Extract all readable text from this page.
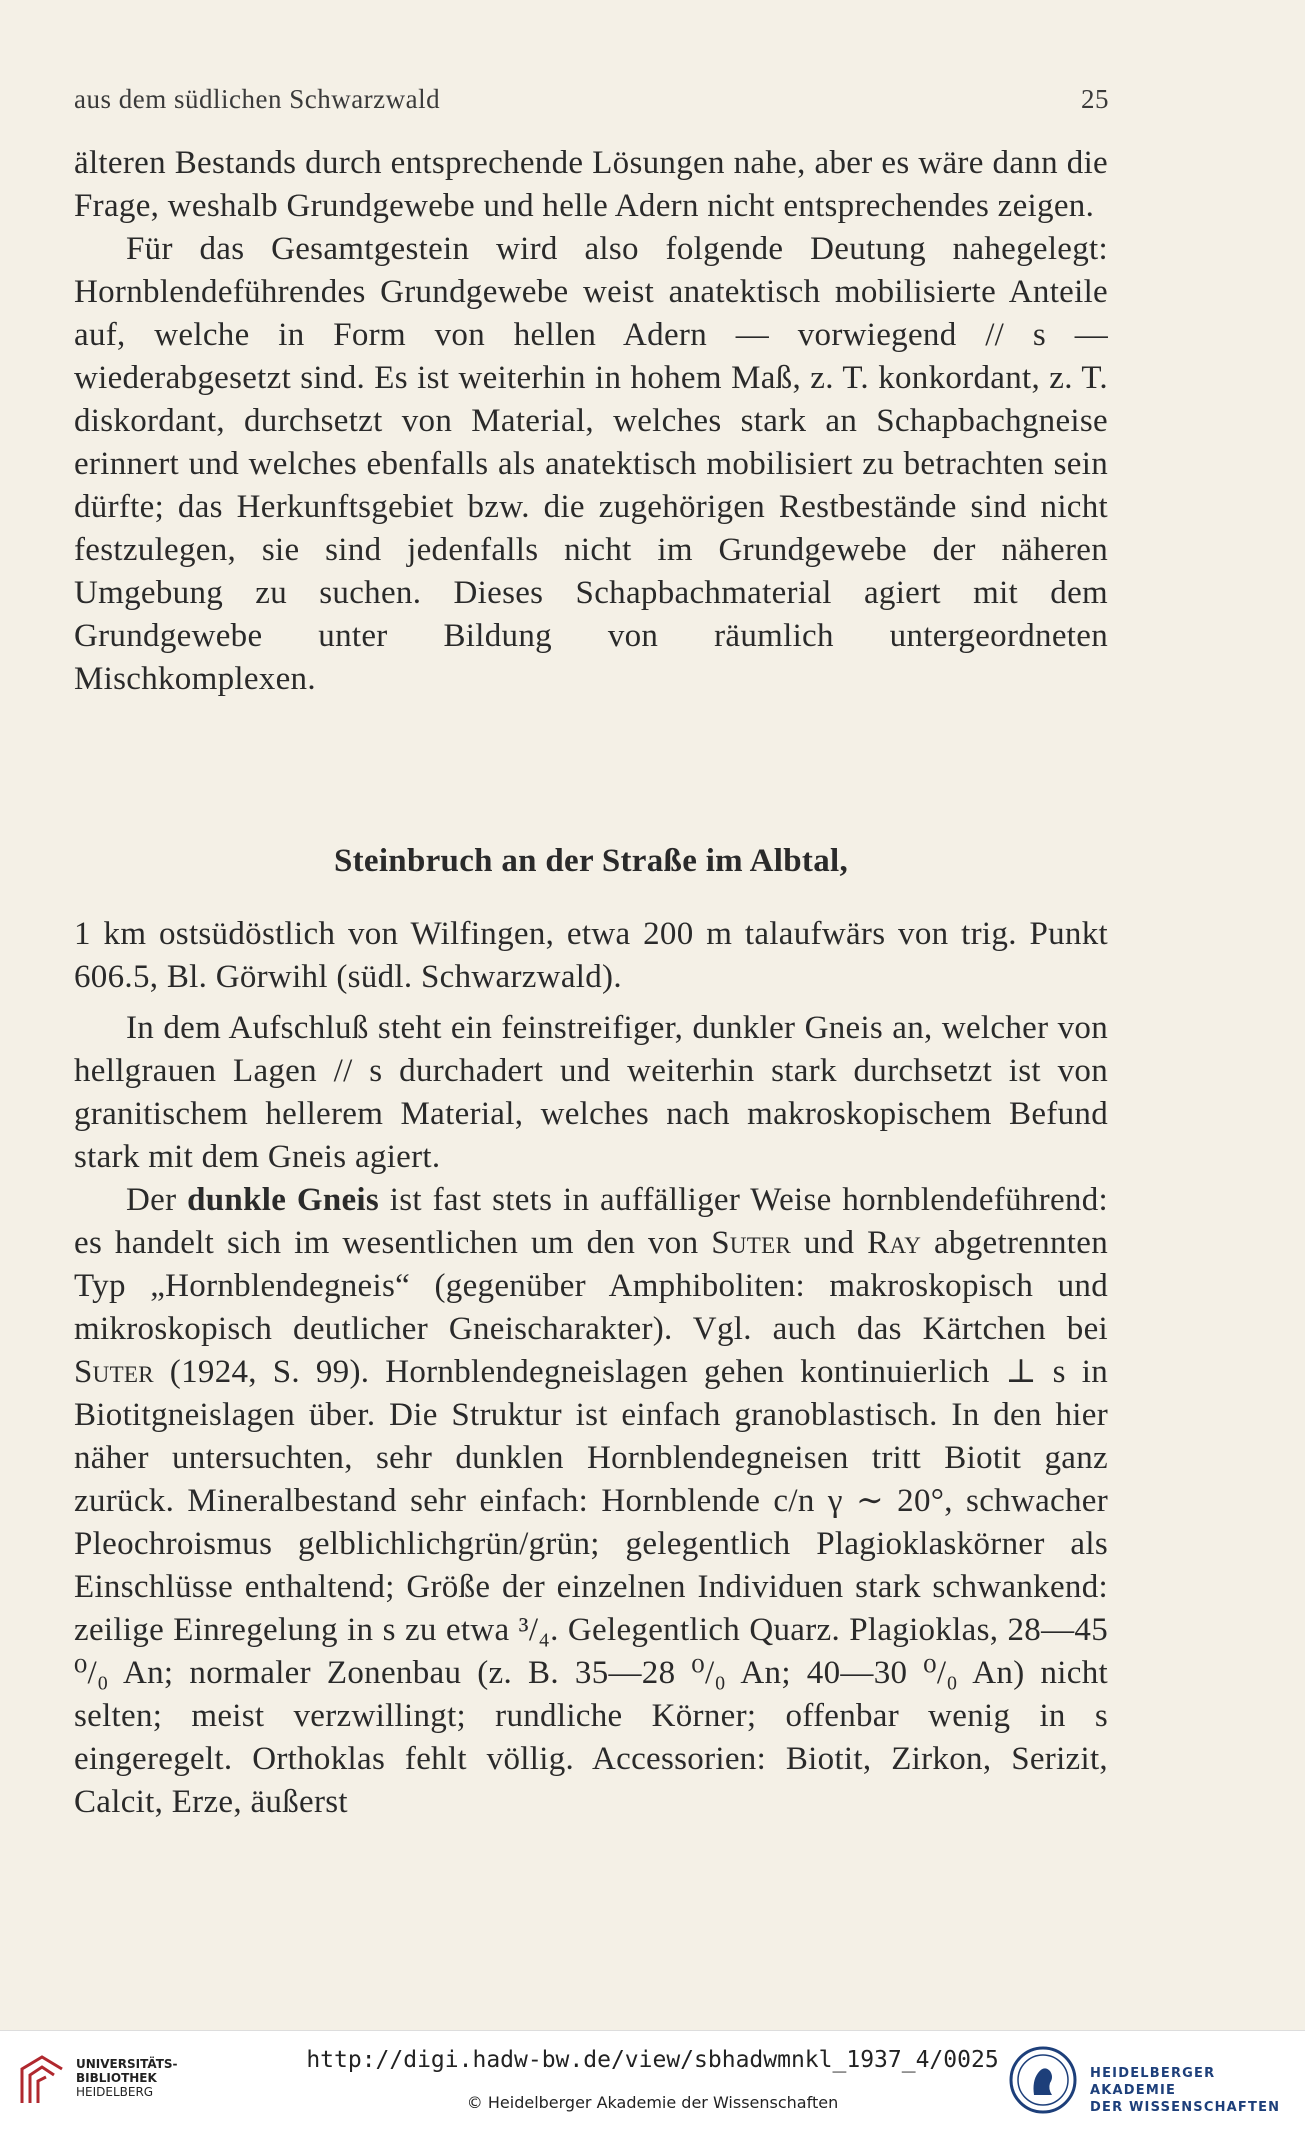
aus dem südlichen Schwarzwald	25

älteren Bestands durch entsprechende Lösungen nahe, aber es wäre dann die Frage, weshalb Grundgewebe und helle Adern nicht entsprechendes zeigen.

Für das Gesamtgestein wird also folgende Deutung nahegelegt: Hornblendeführendes Grundgewebe weist anatektisch mobilisierte Anteile auf, welche in Form von hellen Adern — vorwiegend // s — wiederabgesetzt sind. Es ist weiterhin in hohem Maß, z. T. konkordant, z. T. diskordant, durchsetzt von Material, welches stark an Schapbachgneise erinnert und welches ebenfalls als anatektisch mobilisiert zu betrachten sein dürfte; das Herkunftsgebiet bzw. die zugehörigen Restbestände sind nicht festzulegen, sie sind jedenfalls nicht im Grundgewebe der näheren Umgebung zu suchen. Dieses Schapbachmaterial agiert mit dem Grundgewebe unter Bildung von räumlich untergeordneten Mischkomplexen.

Steinbruch an der Straße im Albtal,

1 km ostsüdöstlich von Wilfingen, etwa 200 m talaufwärs von trig. Punkt 606.5, Bl. Görwihl (südl. Schwarzwald).

In dem Aufschluß steht ein feinstreifiger, dunkler Gneis an, welcher von hellgrauen Lagen // s durchadert und weiterhin stark durchsetzt ist von granitischem hellerem Material, welches nach makroskopischem Befund stark mit dem Gneis agiert.

Der dunkle Gneis ist fast stets in auffälliger Weise hornblendeführend: es handelt sich im wesentlichen um den von Suter und Ray abgetrennten Typ „Hornblendegneis“ (gegenüber Amphiboliten: makroskopisch und mikroskopisch deutlicher Gneischarakter). Vgl. auch das Kärtchen bei Suter (1924, S. 99). Hornblendegneislagen gehen kontinuierlich ⊥ s in Biotitgneislagen über. Die Struktur ist einfach granoblastisch. In den hier näher untersuchten, sehr dunklen Hornblendegneisen tritt Biotit ganz zurück. Mineralbestand sehr einfach: Hornblende c/n γ ∼ 20°, schwacher Pleochroismus gelblichlichgrün/grün; gelegentlich Plagioklaskörner als Einschlüsse enthaltend; Größe der einzelnen Individuen stark schwankend: zeilige Einregelung in s zu etwa ³/₄. Gelegentlich Quarz. Plagioklas, 28—45 ⁰/₀ An; normaler Zonenbau (z. B. 35—28 ⁰/₀ An; 40—30 ⁰/₀ An) nicht selten; meist verzwillingt; rundliche Körner; offenbar wenig in s eingeregelt. Orthoklas fehlt völlig. Accessorien: Biotit, Zirkon, Serizit, Calcit, Erze, äußerst

UNIVERSITÄTS-
BIBLIOTHEK
HEIDELBERG
http://digi.hadw-bw.de/view/sbhadwmnkl_1937_4/0025
© Heidelberger Akademie der Wissenschaften
HEIDELBERGER AKADEMIE
DER WISSENSCHAFTEN
